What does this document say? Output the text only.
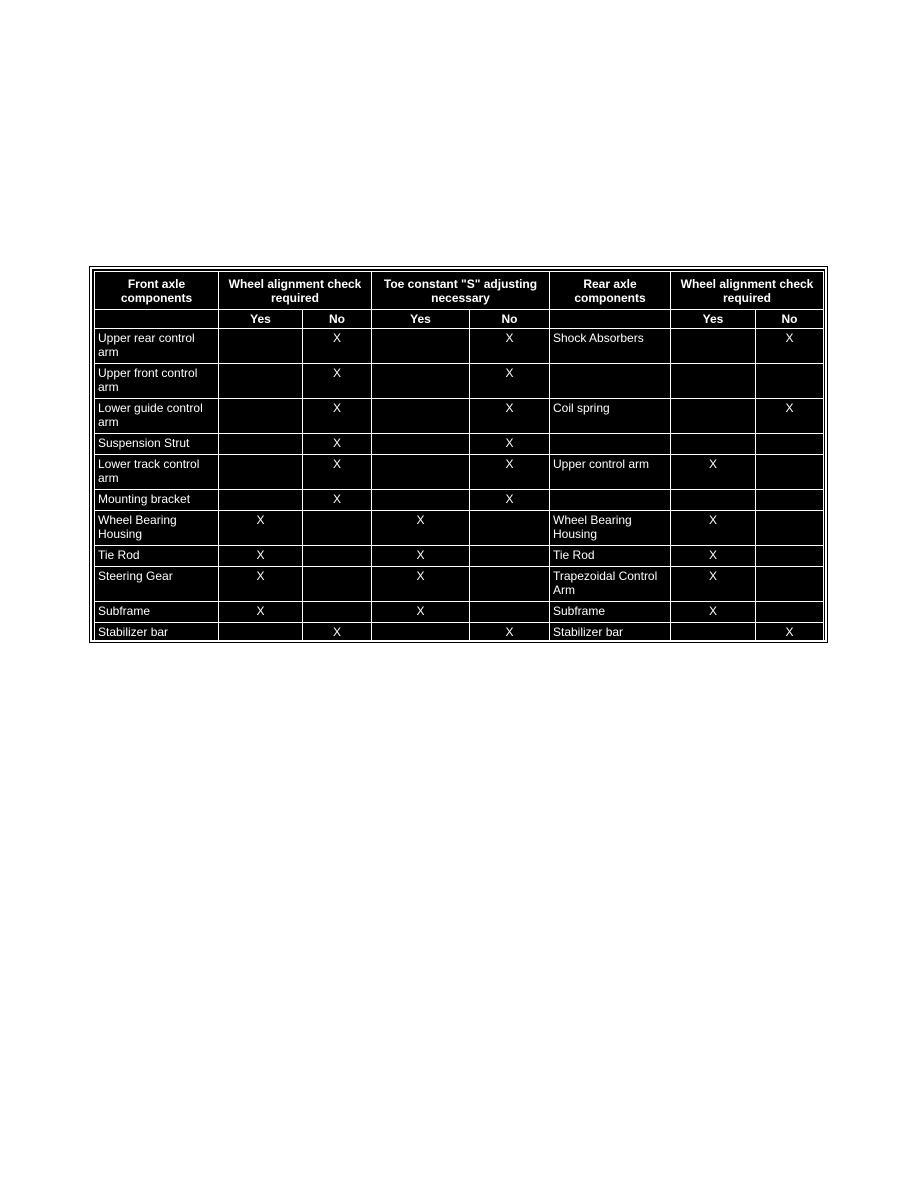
Front axle components	Wheel alignment check required		Toe constant "S" adjusting necessary		Rear axle components	Wheel alignment check required	
	Yes	No	Yes	No		Yes	No
Upper rear control arm		X		X	Shock Absorbers		X
Upper front control arm		X		X			
Lower guide control arm		X		X	Coil spring		X
Suspension Strut		X		X			
Lower track control arm		X		X	Upper control arm	X	
Mounting bracket		X		X			
Wheel Bearing Housing	X		X		Wheel Bearing Housing	X	
Tie Rod	X		X		Tie Rod	X	
Steering Gear	X		X		Trapezoidal Control Arm	X	
Subframe	X		X		Subframe	X	
Stabilizer bar		X		X	Stabilizer bar		X
